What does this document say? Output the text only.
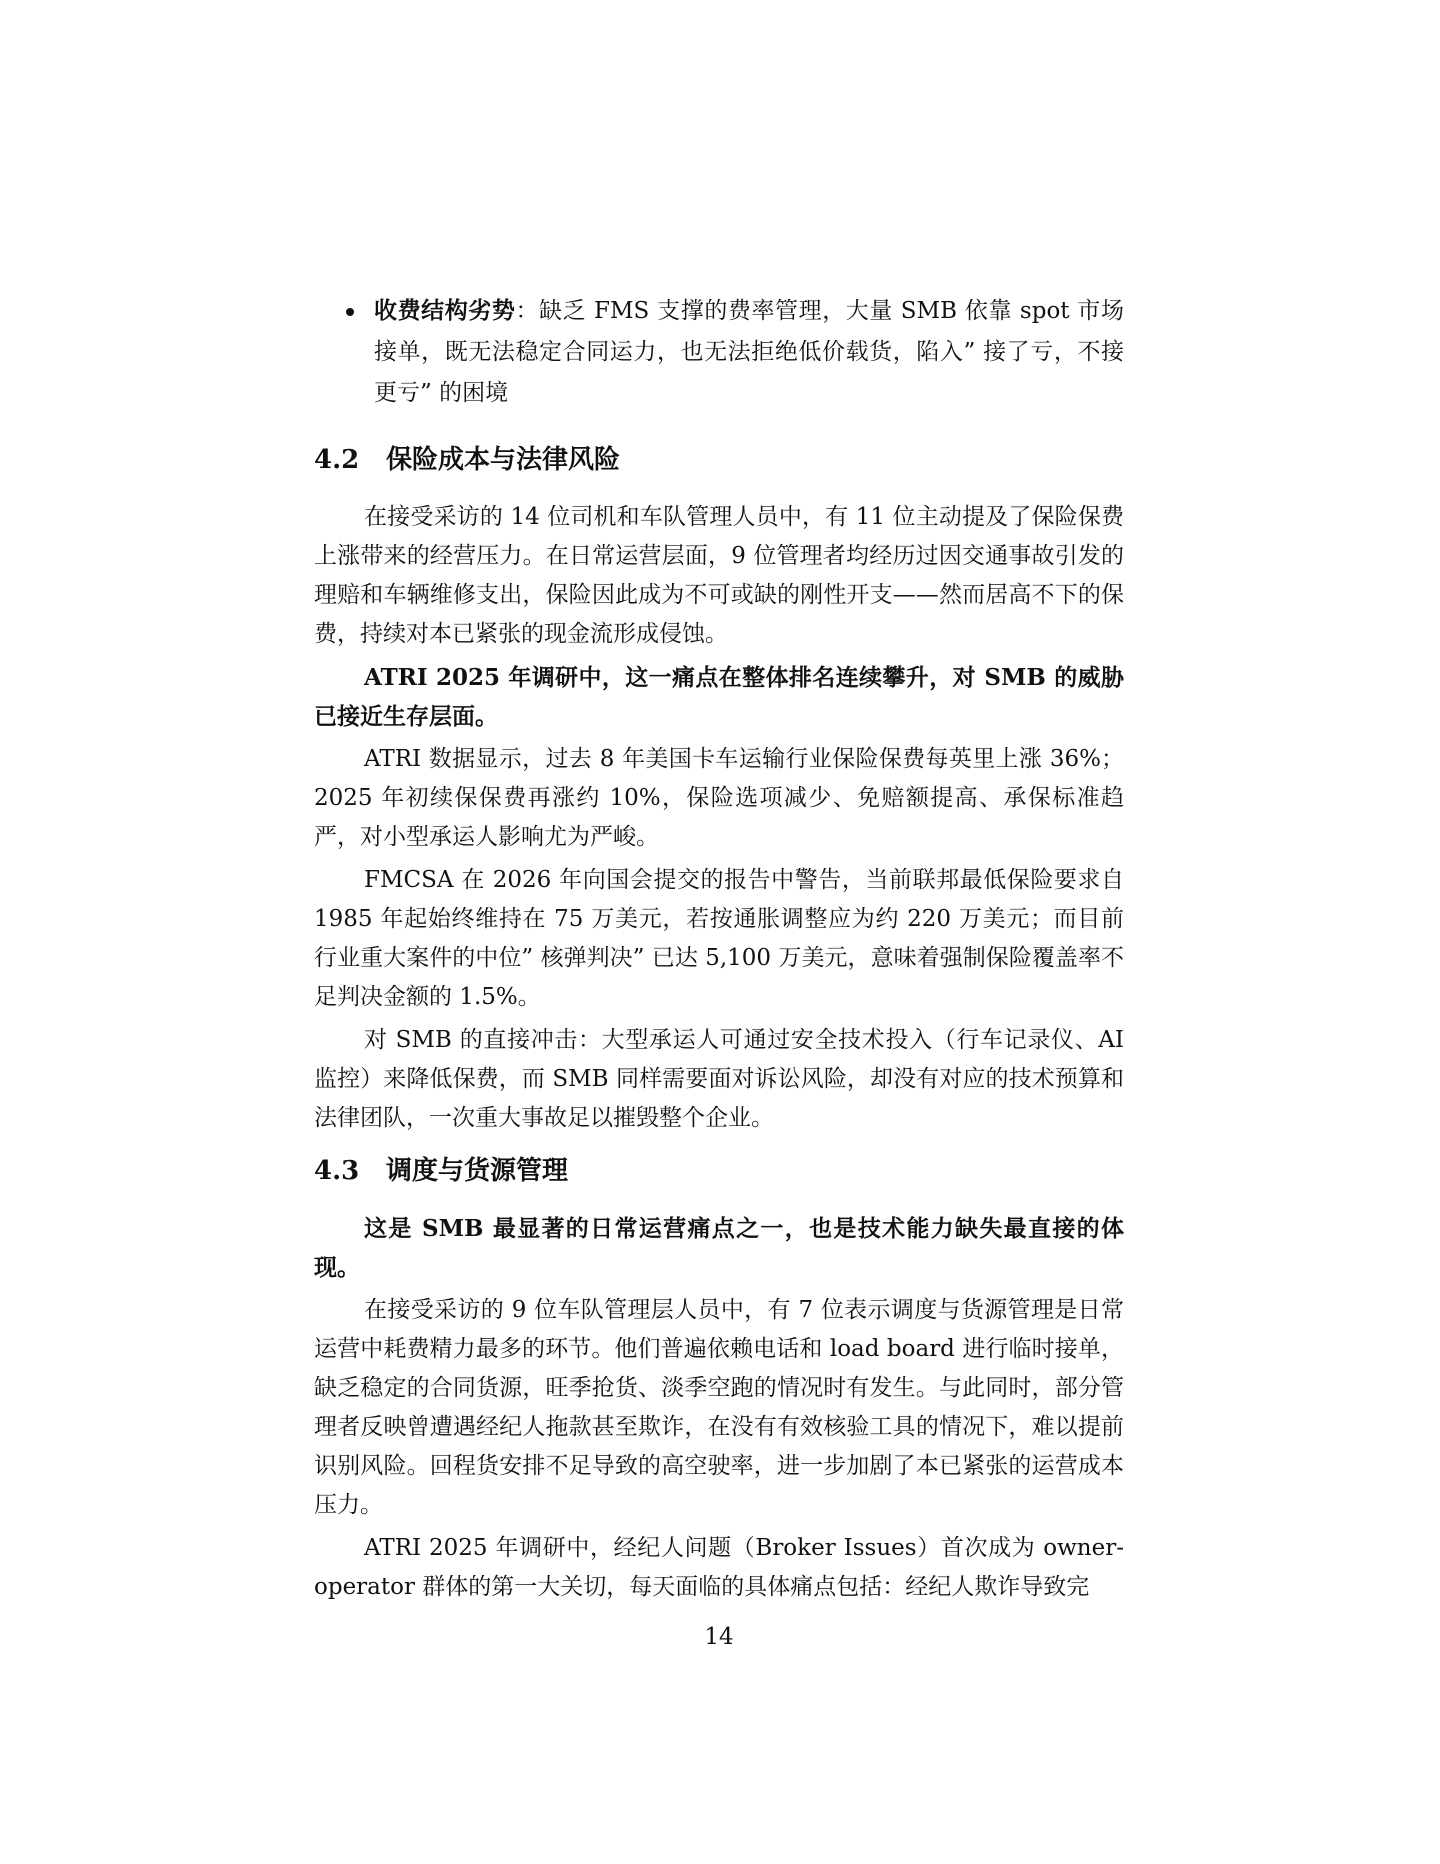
收费结构劣势：缺乏 FMS 支撑的费率管理，大量 SMB 依靠 spot 市场接单，既无法稳定合同运力，也无法拒绝低价载货，陷入” 接了亏，不接更亏” 的困境
4.2	保险成本与法律风险

在接受采访的 14 位司机和车队管理人员中，有 11 位主动提及了保险保费上涨带来的经营压力。在日常运营层面，9 位管理者均经历过因交通事故引发的理赔和车辆维修支出，保险因此成为不可或缺的刚性开支——然而居高不下的保费，持续对本已紧张的现金流形成侵蚀。

ATRI 2025 年调研中，这一痛点在整体排名连续攀升，对 SMB 的威胁已接近生存层面。

ATRI 数据显示，过去 8 年美国卡车运输行业保险保费每英里上涨 36%；2025 年初续保保费再涨约 10%，保险选项减少、免赔额提高、承保标准趋严，对小型承运人影响尤为严峻。

FMCSA 在 2026 年向国会提交的报告中警告，当前联邦最低保险要求自 1985 年起始终维持在 75 万美元，若按通胀调整应为约 220 万美元；而目前行业重大案件的中位” 核弹判决” 已达 5,100 万美元，意味着强制保险覆盖率不足判决金额的 1.5%。

对 SMB 的直接冲击：大型承运人可通过安全技术投入（行车记录仪、AI 监控）来降低保费，而 SMB 同样需要面对诉讼风险，却没有对应的技术预算和法律团队，一次重大事故足以摧毁整个企业。

4.3	调度与货源管理

这是 SMB 最显著的日常运营痛点之一，也是技术能力缺失最直接的体现。

在接受采访的 9 位车队管理层人员中，有 7 位表示调度与货源管理是日常运营中耗费精力最多的环节。他们普遍依赖电话和 load board 进行临时接单，缺乏稳定的合同货源，旺季抢货、淡季空跑的情况时有发生。与此同时，部分管理者反映曾遭遇经纪人拖款甚至欺诈，在没有有效核验工具的情况下，难以提前识别风险。回程货安排不足导致的高空驶率，进一步加剧了本已紧张的运营成本压力。

ATRI 2025 年调研中，经纪人问题（Broker Issues）首次成为 owner-operator 群体的第一大关切，每天面临的具体痛点包括：经纪人欺诈导致完

14
